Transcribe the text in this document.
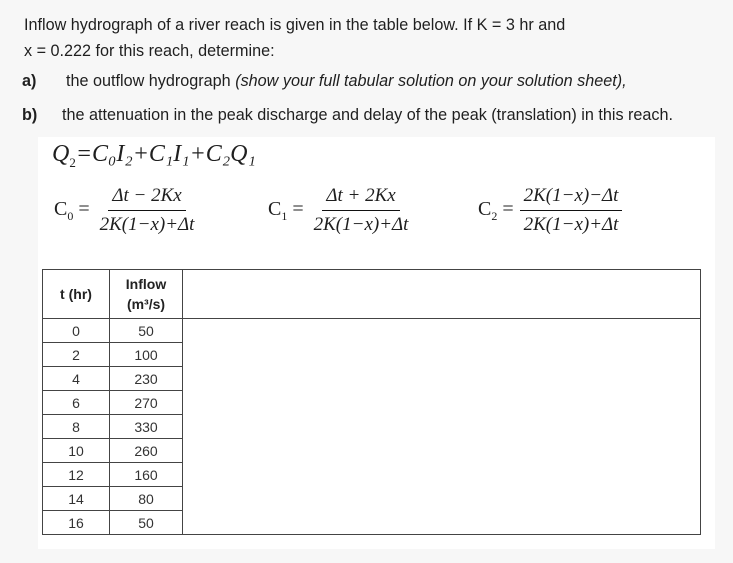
Inflow hydrograph of a river reach is given in the table below. If K = 3 hr and
x = 0.222 for this reach, determine:
a) the outflow hydrograph (show your full tabular solution on your solution sheet),
b) the attenuation in the peak discharge and delay of the peak (translation) in this reach.
$Q_2=C_0I_2+C_1I_1+C_2Q_1$
$C_0 = \frac{\Delta t - 2Kx}{2K(1-x)+\Delta t}$	$C_1 = \frac{\Delta t + 2Kx}{2K(1-x)+\Delta t}$	$C_2 = \frac{2K(1-x)-\Delta t}{2K(1-x)+\Delta t}$
t (hr)	Inflow
(m³/s)	

0	50	
2	100	
4	230	
6	270	
8	330	
10	260	
12	160	
14	80	
16	50	
